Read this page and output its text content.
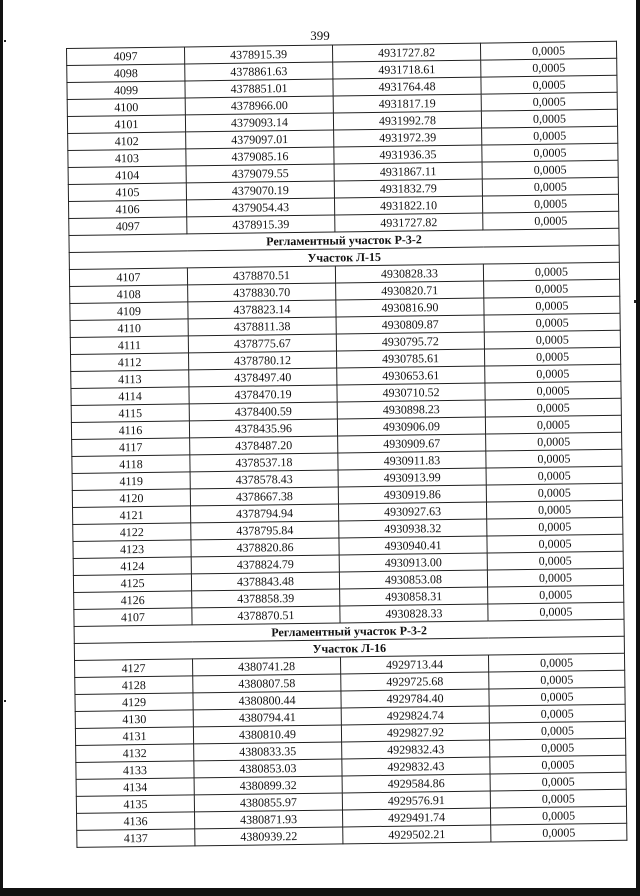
399
4097	4378915.39	4931727.82	0,0005
4098	4378861.63	4931718.61	0,0005
4099	4378851.01	4931764.48	0,0005
4100	4378966.00	4931817.19	0,0005
4101	4379093.14	4931992.78	0,0005
4102	4379097.01	4931972.39	0,0005
4103	4379085.16	4931936.35	0,0005
4104	4379079.55	4931867.11	0,0005
4105	4379070.19	4931832.79	0,0005
4106	4379054.43	4931822.10	0,0005
4097	4378915.39	4931727.82	0,0005
Регламентный участок Р-3-2			
Участок Л-15			
4107	4378870.51	4930828.33	0,0005
4108	4378830.70	4930820.71	0,0005
4109	4378823.14	4930816.90	0,0005
4110	4378811.38	4930809.87	0,0005
4111	4378775.67	4930795.72	0,0005
4112	4378780.12	4930785.61	0,0005
4113	4378497.40	4930653.61	0,0005
4114	4378470.19	4930710.52	0,0005
4115	4378400.59	4930898.23	0,0005
4116	4378435.96	4930906.09	0,0005
4117	4378487.20	4930909.67	0,0005
4118	4378537.18	4930911.83	0,0005
4119	4378578.43	4930913.99	0,0005
4120	4378667.38	4930919.86	0,0005
4121	4378794.94	4930927.63	0,0005
4122	4378795.84	4930938.32	0,0005
4123	4378820.86	4930940.41	0,0005
4124	4378824.79	4930913.00	0,0005
4125	4378843.48	4930853.08	0,0005
4126	4378858.39	4930858.31	0,0005
4107	4378870.51	4930828.33	0,0005
Регламентный участок Р-3-2			
Участок Л-16			
4127	4380741.28	4929713.44	0,0005
4128	4380807.58	4929725.68	0,0005
4129	4380800.44	4929784.40	0,0005
4130	4380794.41	4929824.74	0,0005
4131	4380810.49	4929827.92	0,0005
4132	4380833.35	4929832.43	0,0005
4133	4380853.03	4929832.43	0,0005
4134	4380899.32	4929584.86	0,0005
4135	4380855.97	4929576.91	0,0005
4136	4380871.93	4929491.74	0,0005
4137	4380939.22	4929502.21	0,0005
